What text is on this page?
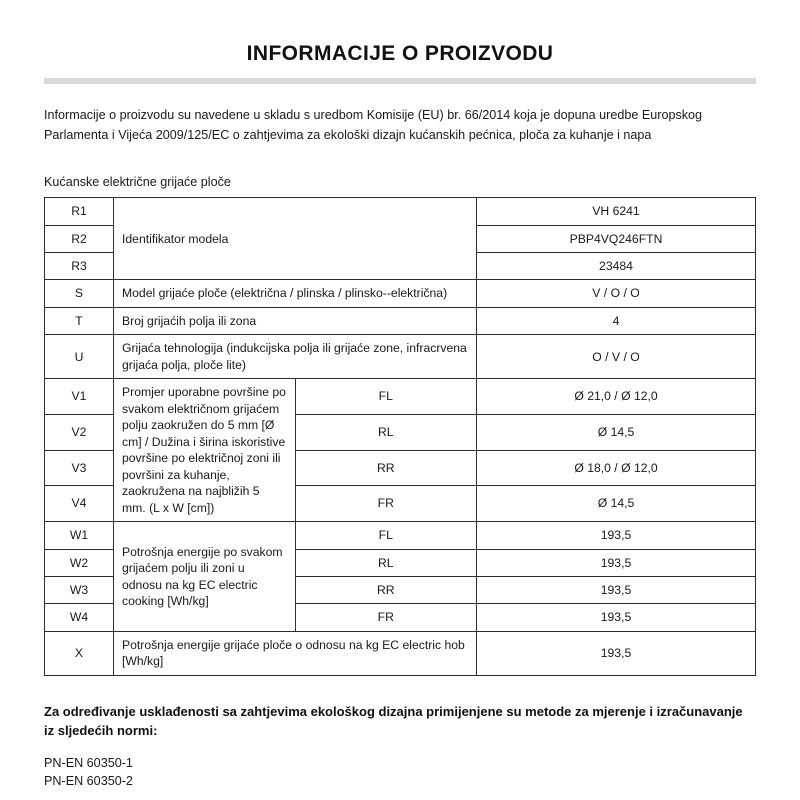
INFORMACIJE O PROIZVODU

Informacije o proizvodu su navedene u skladu s uredbom Komisije (EU) br. 66/2014 koja je dopuna uredbe Europskog Parlamenta i Vijeća 2009/125/EC o zahtjevima za ekološki dizajn kućanskih pećnica, ploča za kuhanje i napa

Kućanske električne grijaće ploče
R1	Identifikator modela		VH 6241
R2			PBP4VQ246FTN
R3			23484
S	Model grijaće ploče (električna / plinska / plinsko--električna)		V / O / O
T	Broj grijaćih polja ili zona		4
U	Grijaća tehnologija (indukcijska polja ili grijaće zone, infracrvena grijaća polja, ploče lite)		O / V / O
V1	Promjer uporabne površine po svakom električnom grijaćem polju zaokružen do 5 mm [Ø cm] / Dužina i širina iskoristive površine po električnoj zoni ili površini za kuhanje, zaokružena na najbližih 5 mm. (L x W [cm])	FL	Ø 21,0 / Ø 12,0
V2		RL	Ø 14,5
V3		RR	Ø 18,0 / Ø 12,0
V4		FR	Ø 14,5
W1	Potrošnja energije po svakom grijaćem polju ili zoni u odnosu na kg EC electric cooking [Wh/kg]	FL	193,5
W2		RL	193,5
W3		RR	193,5
W4		FR	193,5
X	Potrošnja energije grijaće ploče o odnosu na kg EC electric hob [Wh/kg]		193,5

Za određivanje usklađenosti sa zahtjevima ekološkog dizajna primijenjene su metode za mjerenje i izračunavanje iz sljedećih normi:

PN-EN 60350-1
PN-EN 60350-2
